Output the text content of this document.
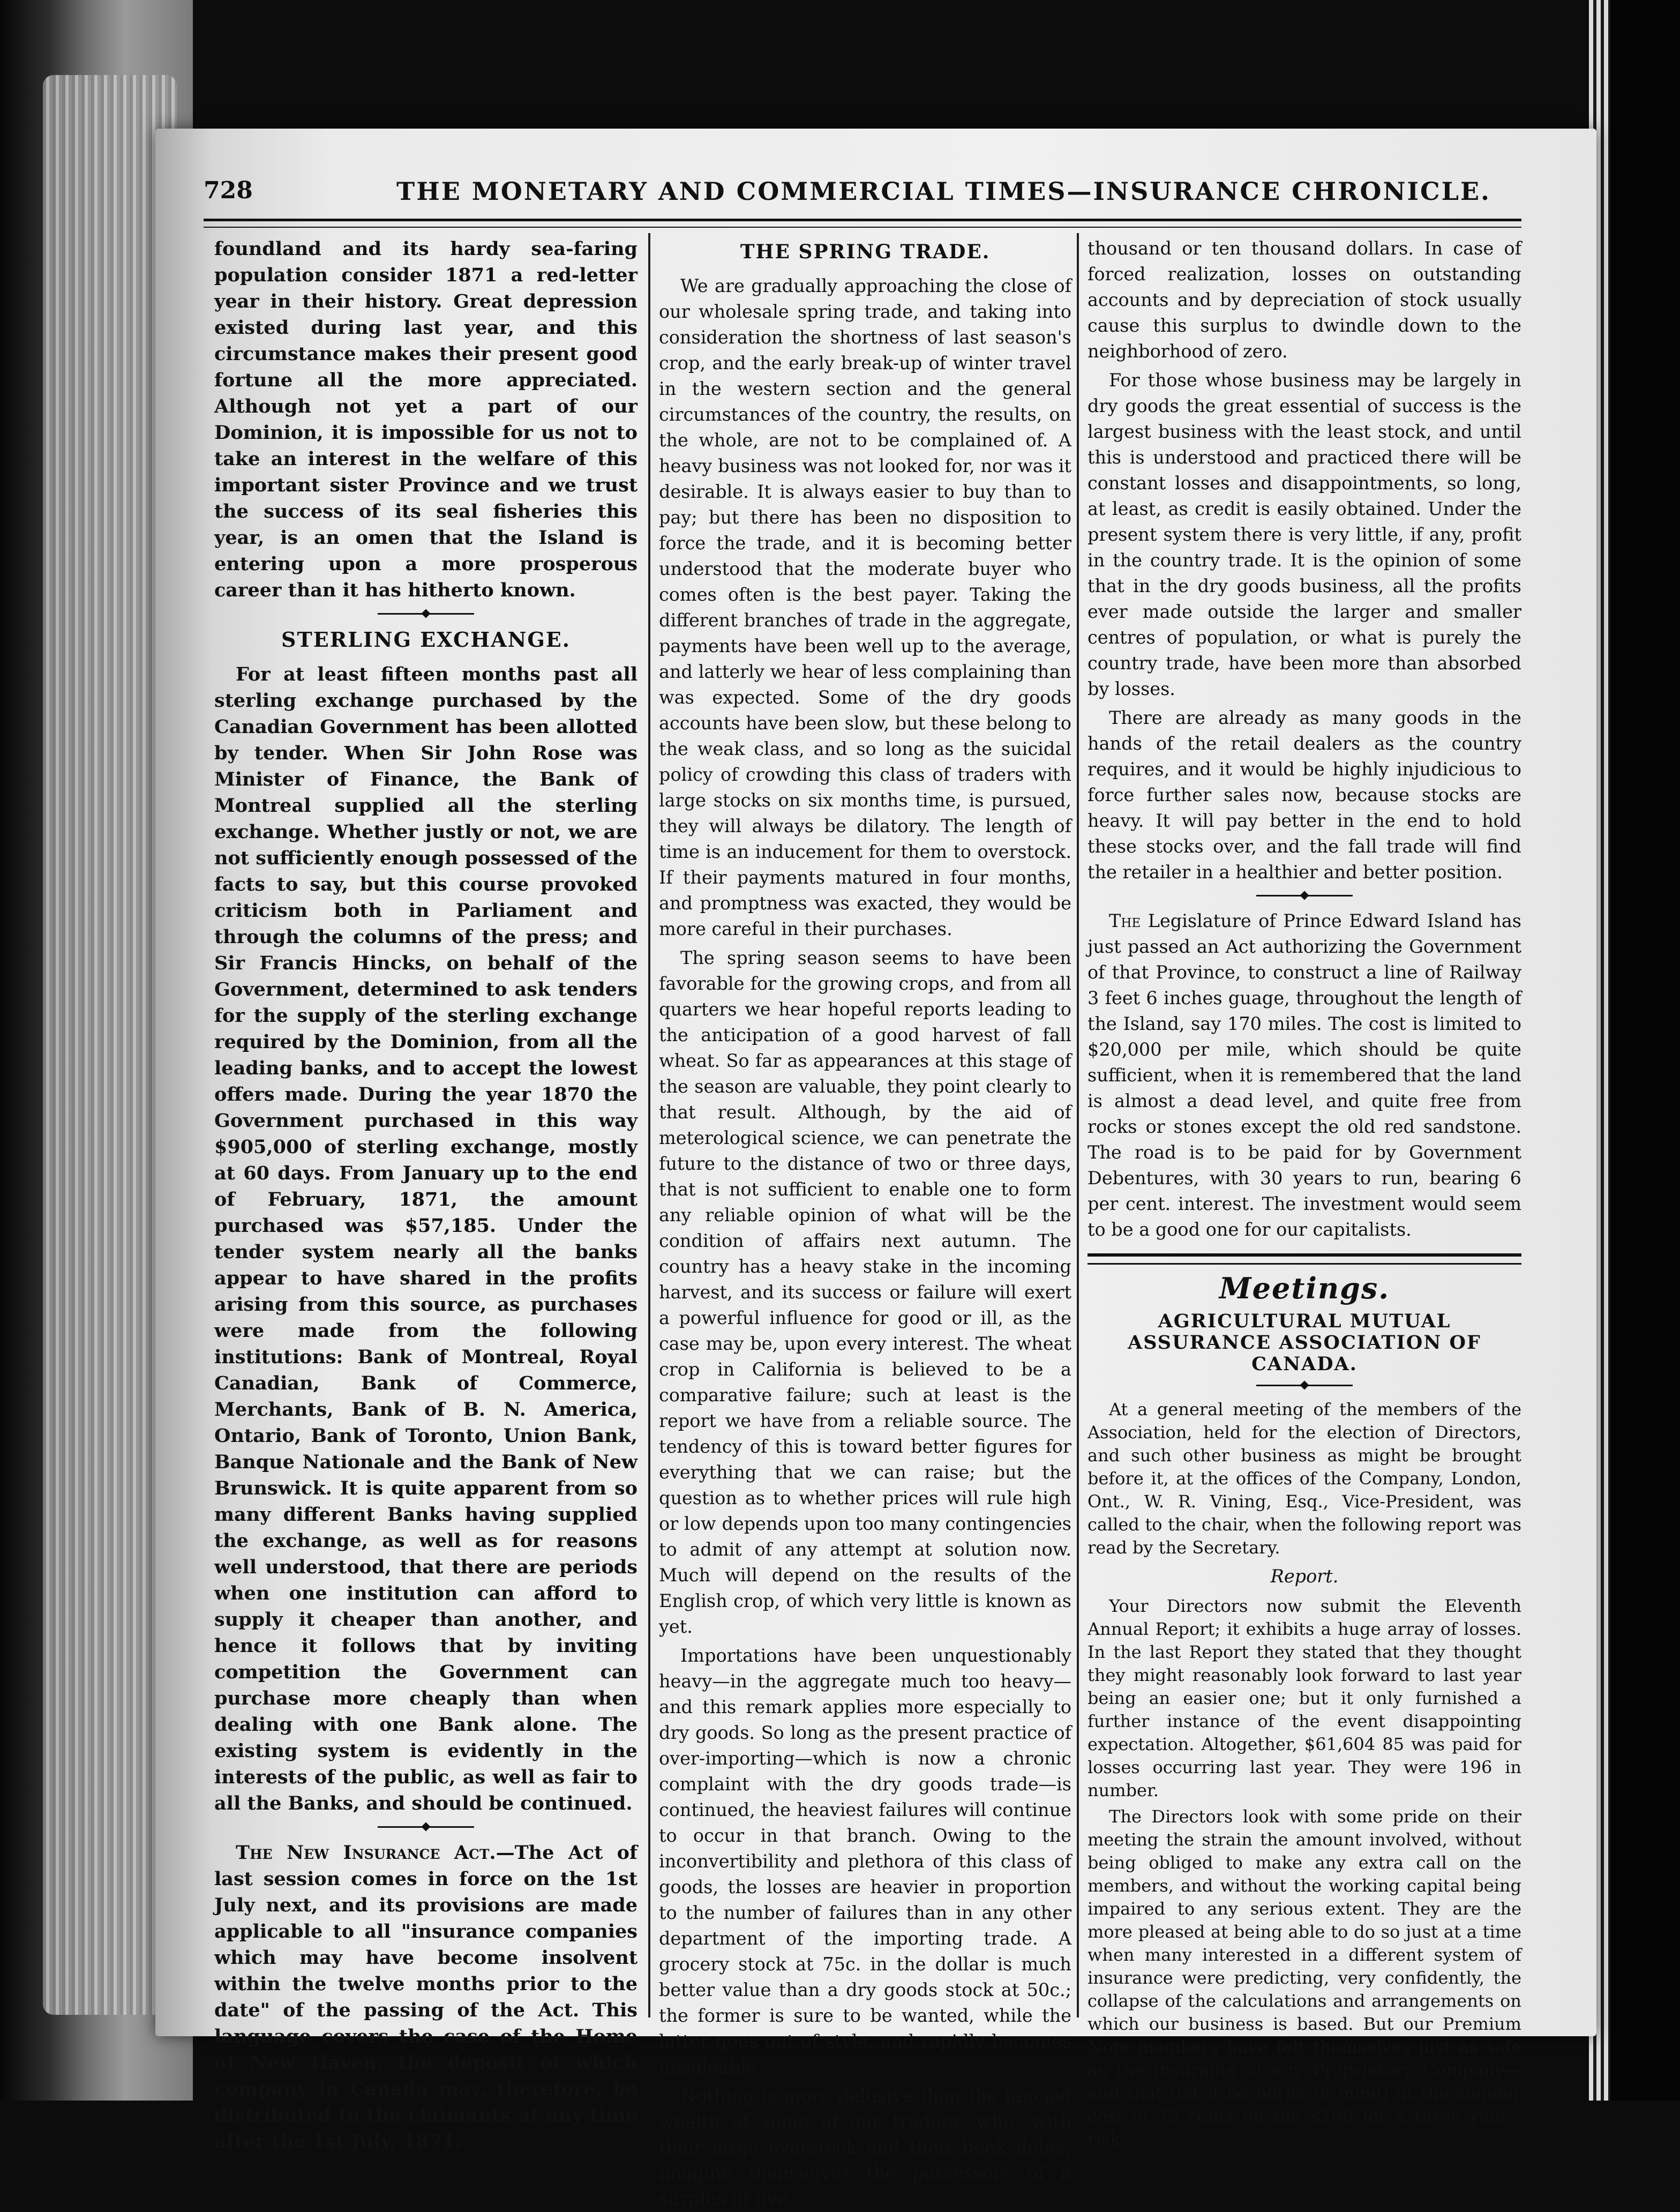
728	THE MONETARY AND COMMERCIAL TIMES—INSURANCE CHRONICLE.

foundland and its hardy sea-faring population consider 1871 a red-letter year in their history. Great depression existed during last year, and this circumstance makes their present good fortune all the more appreciated. Although not yet a part of our Dominion, it is impossible for us not to take an interest in the welfare of this important sister Province and we trust the success of its seal fisheries this year, is an omen that the Island is entering upon a more prosperous career than it has hitherto known.

STERLING EXCHANGE.

For at least fifteen months past all sterling exchange purchased by the Canadian Government has been allotted by tender. When Sir John Rose was Minister of Finance, the Bank of Montreal supplied all the sterling exchange. Whether justly or not, we are not sufficiently enough possessed of the facts to say, but this course provoked criticism both in Parliament and through the columns of the press; and Sir Francis Hincks, on behalf of the Government, determined to ask tenders for the supply of the sterling exchange required by the Dominion, from all the leading banks, and to accept the lowest offers made. During the year 1870 the Government purchased in this way $905,000 of sterling exchange, mostly at 60 days. From January up to the end of February, 1871, the amount purchased was $57,185. Under the tender system nearly all the banks appear to have shared in the profits arising from this source, as purchases were made from the following institutions: Bank of Montreal, Royal Canadian, Bank of Commerce, Merchants, Bank of B. N. America, Ontario, Bank of Toronto, Union Bank, Banque Nationale and the Bank of New Brunswick. It is quite apparent from so many different Banks having supplied the exchange, as well as for reasons well understood, that there are periods when one institution can afford to supply it cheaper than another, and hence it follows that by inviting competition the Government can purchase more cheaply than when dealing with one Bank alone. The existing system is evidently in the interests of the public, as well as fair to all the Banks, and should be continued.

The New Insurance Act.—The Act of last session comes in force on the 1st July next, and its provisions are made applicable to all "insurance companies which may have become insolvent within the twelve months prior to the date" of the passing of the Act. This language covers the case of the Home of New Haven, the deposit of which company in Canada may, therefore, be distributed to the claimants at any time after the 1st July, 1871.

THE SPRING TRADE.

We are gradually approaching the close of our wholesale spring trade, and taking into consideration the shortness of last season's crop, and the early break-up of winter travel in the western section and the general circumstances of the country, the results, on the whole, are not to be complained of. A heavy business was not looked for, nor was it desirable. It is always easier to buy than to pay; but there has been no disposition to force the trade, and it is becoming better understood that the moderate buyer who comes often is the best payer. Taking the different branches of trade in the aggregate, payments have been well up to the average, and latterly we hear of less complaining than was expected. Some of the dry goods accounts have been slow, but these belong to the weak class, and so long as the suicidal policy of crowding this class of traders with large stocks on six months time, is pursued, they will always be dilatory. The length of time is an inducement for them to overstock. If their payments matured in four months, and promptness was exacted, they would be more careful in their purchases.

The spring season seems to have been favorable for the growing crops, and from all quarters we hear hopeful reports leading to the anticipation of a good harvest of fall wheat. So far as appearances at this stage of the season are valuable, they point clearly to that result. Although, by the aid of meterological science, we can penetrate the future to the distance of two or three days, that is not sufficient to enable one to form any reliable opinion of what will be the condition of affairs next autumn. The country has a heavy stake in the incoming harvest, and its success or failure will exert a powerful influence for good or ill, as the case may be, upon every interest. The wheat crop in California is believed to be a comparative failure; such at least is the report we have from a reliable source. The tendency of this is toward better figures for everything that we can raise; but the question as to whether prices will rule high or low depends upon too many contingencies to admit of any attempt at solution now. Much will depend on the results of the English crop, of which very little is known as yet.

Importations have been unquestionably heavy—in the aggregate much too heavy—and this remark applies more especially to dry goods. So long as the present practice of over-importing—which is now a chronic complaint with the dry goods trade—is continued, the heaviest failures will continue to occur in that branch. Owing to the inconvertibility and plethora of this class of goods, the losses are heavier in proportion to the number of failures than in any other department of the importing trade. A grocery stock at 75c. in the dollar is much better value than a dry goods stock at 50c.; the former is sure to be wanted, while the latter goes out of style, and rapidly becomes unsaleable.

Nothing is more delusive than the fancied wealth of some of our traders, who, with their large overstock and their book debts, imagine themselves the possessors of a surplus of five

thousand or ten thousand dollars. In case of forced realization, losses on outstanding accounts and by depreciation of stock usually cause this surplus to dwindle down to the neighborhood of zero.

For those whose business may be largely in dry goods the great essential of success is the largest business with the least stock, and until this is understood and practiced there will be constant losses and disappointments, so long, at least, as credit is easily obtained. Under the present system there is very little, if any, profit in the country trade. It is the opinion of some that in the dry goods business, all the profits ever made outside the larger and smaller centres of population, or what is purely the country trade, have been more than absorbed by losses.

There are already as many goods in the hands of the retail dealers as the country requires, and it would be highly injudicious to force further sales now, because stocks are heavy. It will pay better in the end to hold these stocks over, and the fall trade will find the retailer in a healthier and better position.

The Legislature of Prince Edward Island has just passed an Act authorizing the Government of that Province, to construct a line of Railway 3 feet 6 inches guage, throughout the length of the Island, say 170 miles. The cost is limited to $20,000 per mile, which should be quite sufficient, when it is remembered that the land is almost a dead level, and quite free from rocks or stones except the old red sandstone. The road is to be paid for by Government Debentures, with 30 years to run, bearing 6 per cent. interest. The investment would seem to be a good one for our capitalists.

Meetings.
AGRICULTURAL MUTUAL ASSURANCE ASSOCIATION OF CANADA.

At a general meeting of the members of the Association, held for the election of Directors, and such other business as might be brought before it, at the offices of the Company, London, Ont., W. R. Vining, Esq., Vice-President, was called to the chair, when the following report was read by the Secretary.

Report.

Your Directors now submit the Eleventh Annual Report; it exhibits a huge array of losses. In the last Report they stated that they thought they might reasonably look forward to last year being an easier one; but it only furnished a further instance of the event disappointing expectation. Altogether, $61,604 85 was paid for losses occurring last year. They were 196 in number.

The Directors look with some pride on their meeting the strain the amount involved, without being obliged to make any extra call on the members, and without the working capital being impaired to any serious extent. They are the more pleased at being able to do so just at a time when many interested in a different system of insurance were predicting, very confidently, the collapse of the calculations and arrangements on which our business is based. But our Premium Note members have felt themselves just as safe as the insurants of any Proprietory Company—and that (let it be borne in mind) at the slender cost of 75 cents on the $100 for a three years' risk.
